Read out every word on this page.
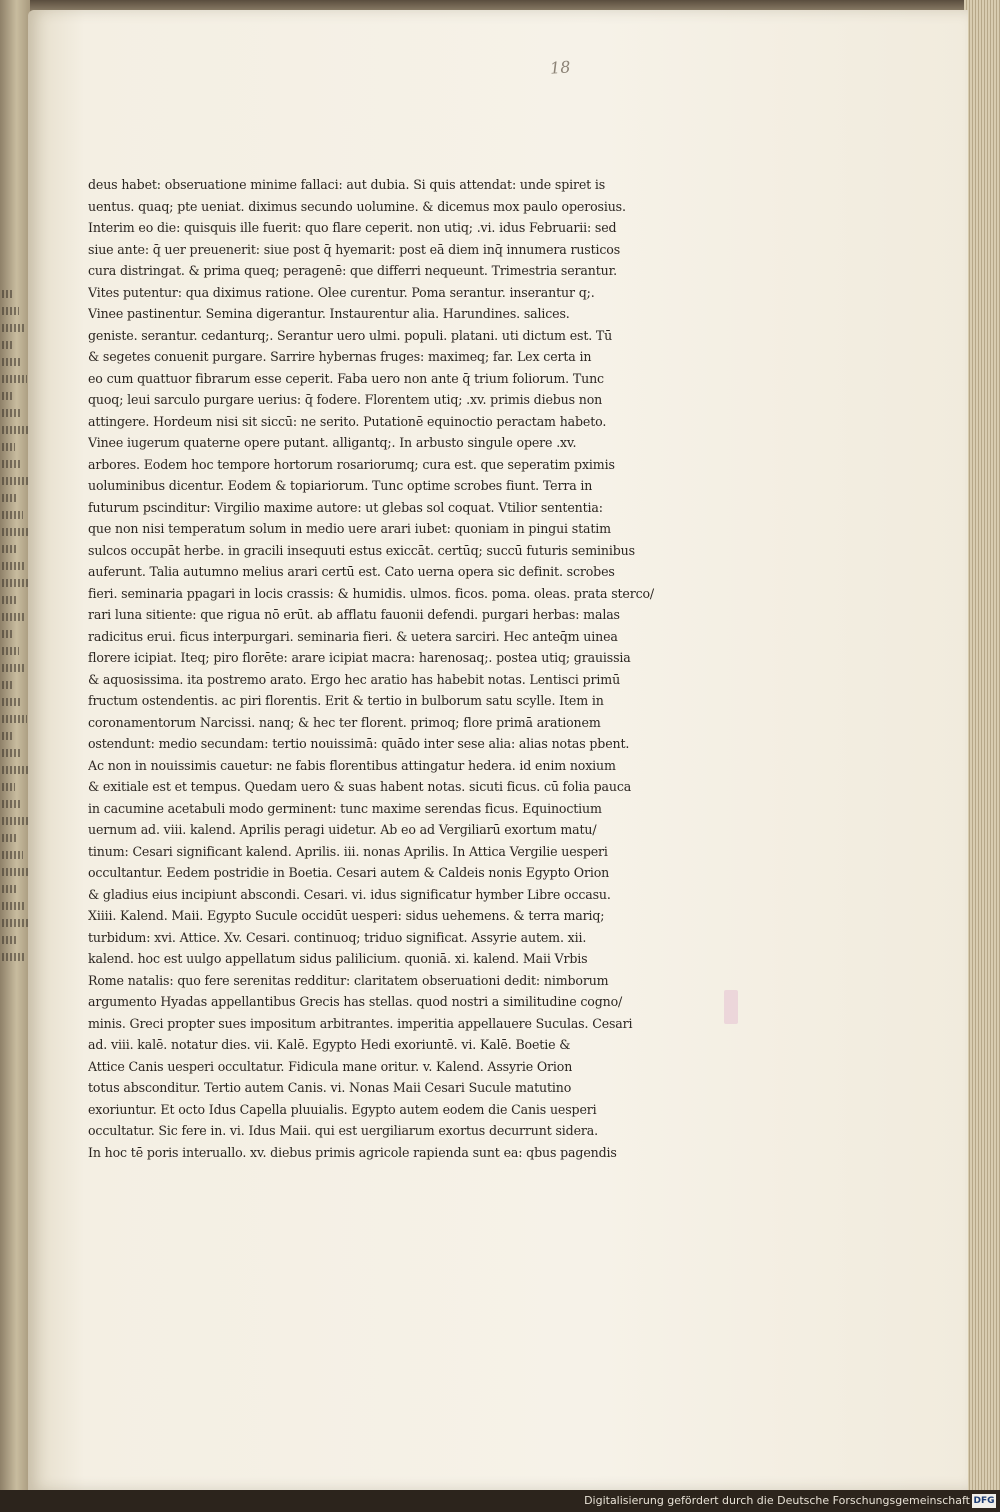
18
deus habet: obseruatione minime fallaci: aut dubia. Si quis attendat: unde spiret is
uentus. quaq; pte ueniat. diximus secundo uolumine. & dicemus mox paulo operosius.
Interim eo die: quisquis ille fuerit: quo flare ceperit. non utiq; .vi. idus Februarii: sed
siue ante: q̄ uer preuenerit: siue post q̄ hyemarit: post eā diem inq̄ innumera rusticos
cura distringat. & prima queq; peragenē: que differri nequeunt. Trimestria serantur.
Vites putentur: qua diximus ratione. Olee curentur. Poma serantur. inserantur q;.
Vinee pastinentur. Semina digerantur. Instaurentur alia. Harundines. salices.
geniste. serantur. cedanturq;. Serantur uero ulmi. populi. platani. uti dictum est. Tū
& segetes conuenit purgare. Sarrire hybernas fruges: maximeq; far. Lex certa in
eo cum quattuor fibrarum esse ceperit. Faba uero non ante q̄ trium foliorum. Tunc
quoq; leui sarculo purgare uerius: q̄ fodere. Florentem utiq; .xv. primis diebus non
attingere. Hordeum nisi sit siccū: ne serito. Putationē equinoctio peractam habeto.
Vinee iugerum quaterne opere putant. alligantq;. In arbusto singule opere .xv.
arbores. Eodem hoc tempore hortorum rosariorumq; cura est. que seperatim pximis
uoluminibus dicentur. Eodem & topiariorum. Tunc optime scrobes fiunt. Terra in
futurum pscinditur: Virgilio maxime autore: ut glebas sol coquat. Vtilior sententia:
que non nisi temperatum solum in medio uere arari iubet: quoniam in pingui statim
sulcos occupāt herbe. in gracili insequuti estus exiccāt. certūq; succū futuris seminibus
auferunt. Talia autumno melius arari certū est. Cato uerna opera sic definit. scrobes
fieri. seminaria ppagari in locis crassis: & humidis. ulmos. ficos. poma. oleas. prata sterco/
rari luna sitiente: que rigua nō erūt. ab afflatu fauonii defendi. purgari herbas: malas
radicitus erui. ficus interpurgari. seminaria fieri. & uetera sarciri. Hec anteq̄m uinea
florere icipiat. Iteq; piro florēte: arare icipiat macra: harenosaq;. postea utiq; grauissia
& aquosissima. ita postremo arato. Ergo hec aratio has habebit notas. Lentisci primū
fructum ostendentis. ac piri florentis. Erit & tertio in bulborum satu scylle. Item in
coronamentorum Narcissi. nanq; & hec ter florent. primoq; flore primā arationem
ostendunt: medio secundam: tertio nouissimā: quādo inter sese alia: alias notas pbent.
Ac non in nouissimis cauetur: ne fabis florentibus attingatur hedera. id enim noxium
& exitiale est et tempus. Quedam uero & suas habent notas. sicuti ficus. cū folia pauca
in cacumine acetabuli modo germinent: tunc maxime serendas ficus. Equinoctium
uernum ad. viii. kalend. Aprilis peragi uidetur. Ab eo ad Vergiliarū exortum matu/
tinum: Cesari significant kalend. Aprilis. iii. nonas Aprilis. In Attica Vergilie uesperi
occultantur. Eedem postridie in Boetia. Cesari autem & Caldeis nonis Egypto Orion
& gladius eius incipiunt abscondi. Cesari. vi. idus significatur hymber Libre occasu.
Xiiii. Kalend. Maii. Egypto Sucule occidūt uesperi: sidus uehemens. & terra mariq;
turbidum: xvi. Attice. Xv. Cesari. continuoq; triduo significat. Assyrie autem. xii.
kalend. hoc est uulgo appellatum sidus palilicium. quoniā. xi. kalend. Maii Vrbis
Rome natalis: quo fere serenitas redditur: claritatem obseruationi dedit: nimborum
argumento Hyadas appellantibus Grecis has stellas. quod nostri a similitudine cogno/
minis. Greci propter sues impositum arbitrantes. imperitia appellauere Suculas. Cesari
ad. viii. kalē. notatur dies. vii. Kalē. Egypto Hedi exoriuntē. vi. Kalē. Boetie &
Attice Canis uesperi occultatur. Fidicula mane oritur. v. Kalend. Assyrie Orion
totus absconditur. Tertio autem Canis. vi. Nonas Maii Cesari Sucule matutino
exoriuntur. Et octo Idus Capella pluuialis. Egypto autem eodem die Canis uesperi
occultatur. Sic fere in. vi. Idus Maii. qui est uergiliarum exortus decurrunt sidera.
In hoc tē poris interuallo. xv. diebus primis agricole rapienda sunt ea: qbus pagendis
Digitalisierung gefördert durch die Deutsche Forschungsgemeinschaft DFG
